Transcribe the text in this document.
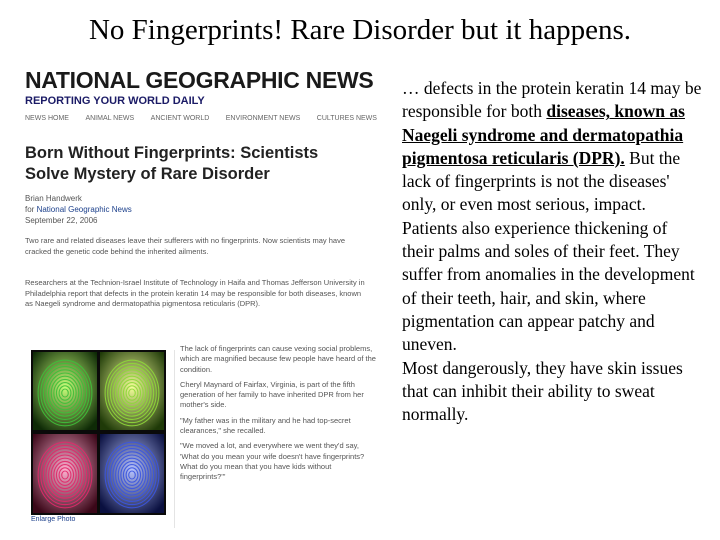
No Fingerprints! Rare Disorder but it happens.
NATIONAL GEOGRAPHIC NEWS
REPORTING YOUR WORLD DAILY
NEWS HOME ANIMAL NEWS ANCIENT WORLD ENVIRONMENT NEWS CULTURES NEWS
Born Without Fingerprints: Scientists
Solve Mystery of Rare Disorder
Brian Handwerk
for National Geographic News
September 22, 2006
Two rare and related diseases leave their sufferers with no fingerprints. Now scientists may have cracked the genetic code behind the inherited ailments.
Researchers at the Technion-Israel Institute of Technology in Haifa and Thomas Jefferson University in Philadelphia report that defects in the protein keratin 14 may be responsible for both diseases, known as Naegeli syndrome and dermatopathia pigmentosa reticularis (DPR).
Enlarge Photo

The lack of fingerprints can cause vexing social problems, which are magnified because few people have heard of the condition.

Cheryl Maynard of Fairfax, Virginia, is part of the fifth generation of her family to have inherited DPR from her mother's side.

"My father was in the military and he had top-secret clearances," she recalled.

"We moved a lot, and everywhere we went they'd say, 'What do you mean your wife doesn't have fingerprints? What do you mean that you have kids without fingerprints?'"

… defects in the protein keratin 14 may be responsible for both diseases, known as Naegeli syndrome and dermatopathia pigmentosa reticularis (DPR). But the lack of fingerprints is not the diseases' only, or even most serious, impact.
Patients also experience thickening of their palms and soles of their feet. They suffer from anomalies in the development of their teeth, hair, and skin, where pigmentation can appear patchy and uneven.
Most dangerously, they have skin issues that can inhibit their ability to sweat normally.
